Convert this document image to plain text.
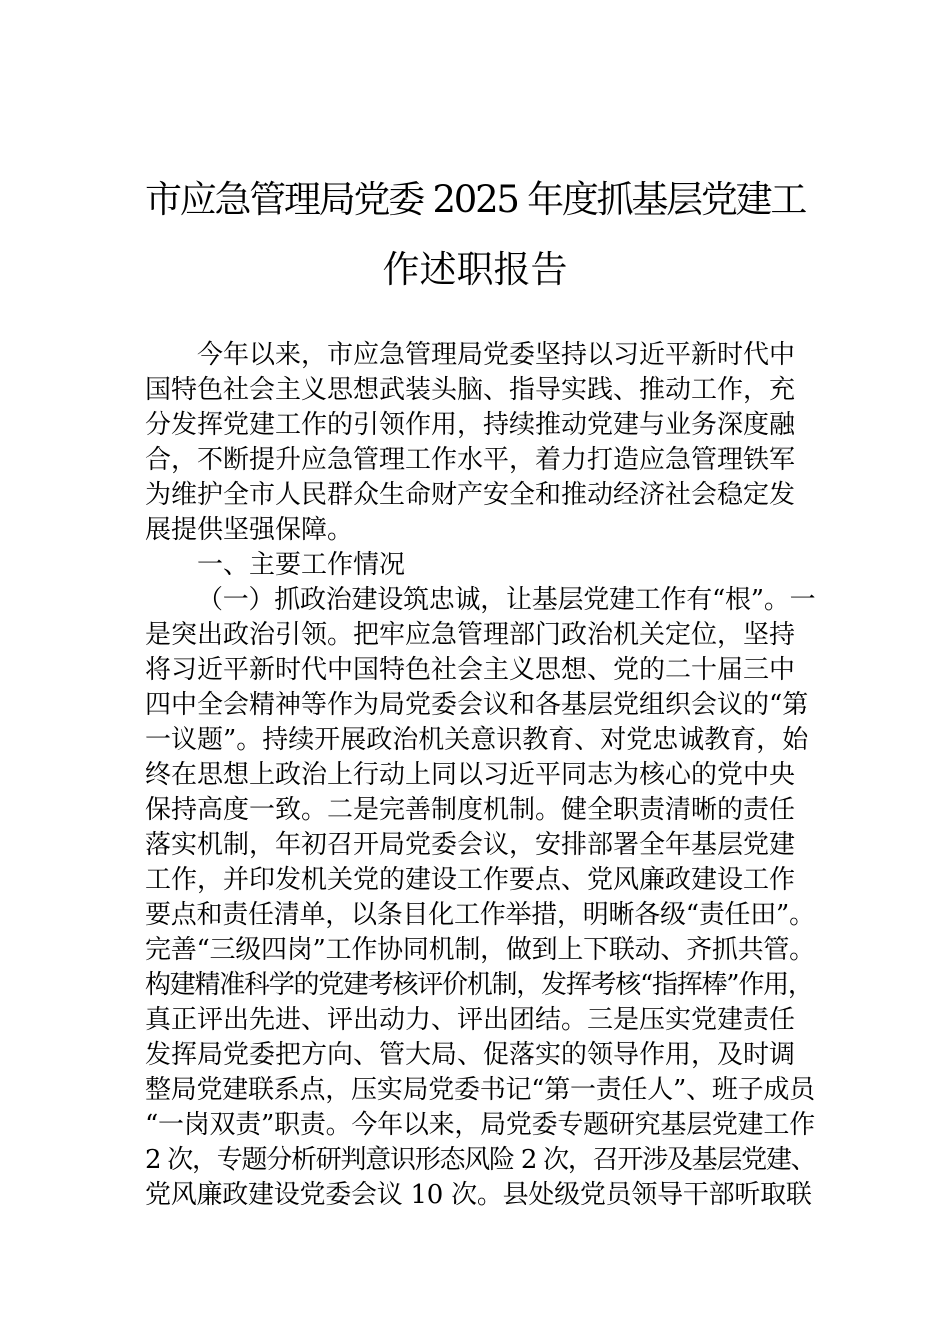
市应急管理局党委 2025 年度抓基层党建工
作述职报告
今年以来，市应急管理局党委坚持以习近平新时代中
国特色社会主义思想武装头脑、指导实践、推动工作，充
分发挥党建工作的引领作用，持续推动党建与业务深度融
合，不断提升应急管理工作水平，着力打造应急管理铁军
为维护全市人民群众生命财产安全和推动经济社会稳定发
展提供坚强保障。
一、主要工作情况
（一）抓政治建设筑忠诚，让基层党建工作有“根”。一
是突出政治引领。把牢应急管理部门政治机关定位，坚持
将习近平新时代中国特色社会主义思想、党的二十届三中
四中全会精神等作为局党委会议和各基层党组织会议的“第
一议题”。持续开展政治机关意识教育、对党忠诚教育，始
终在思想上政治上行动上同以习近平同志为核心的党中央
保持高度一致。二是完善制度机制。健全职责清晰的责任
落实机制，年初召开局党委会议，安排部署全年基层党建
工作，并印发机关党的建设工作要点、党风廉政建设工作
要点和责任清单，以条目化工作举措，明晰各级“责任田”。
完善“三级四岗”工作协同机制，做到上下联动、齐抓共管。
构建精准科学的党建考核评价机制，发挥考核“指挥棒”作用，
真正评出先进、评出动力、评出团结。三是压实党建责任
发挥局党委把方向、管大局、促落实的领导作用，及时调
整局党建联系点，压实局党委书记“第一责任人”、班子成员
“一岗双责”职责。今年以来，局党委专题研究基层党建工作
2 次，专题分析研判意识形态风险 2 次，召开涉及基层党建、
党风廉政建设党委会议 10 次。县处级党员领导干部听取联
